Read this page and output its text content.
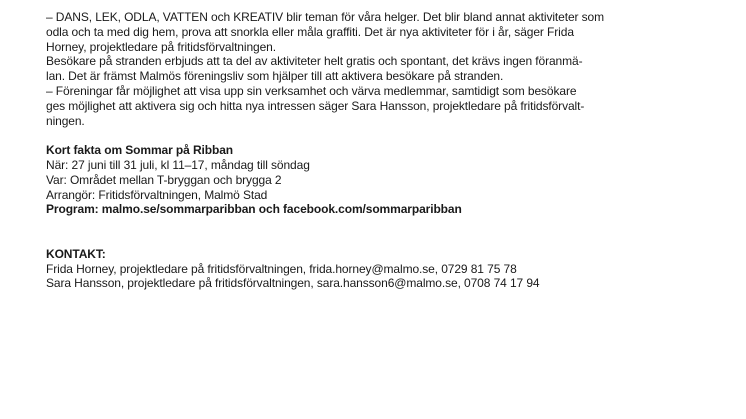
– DANS, LEK, ODLA, VATTEN och KREATIV blir teman för våra helger. Det blir bland annat aktiviteter som
odla och ta med dig hem, prova att snorkla eller måla graffiti. Det är nya aktiviteter för i år, säger Frida
Horney, projektledare på fritidsförvaltningen.
Besökare på stranden erbjuds att ta del av aktiviteter helt gratis och spontant, det krävs ingen föranmä-
lan. Det är främst Malmös föreningsliv som hjälper till att aktivera besökare på stranden.
– Föreningar får möjlighet att visa upp sin verksamhet och värva medlemmar, samtidigt som besökare
ges möjlighet att aktivera sig och hitta nya intressen säger Sara Hansson, projektledare på fritidsförvalt-
ningen.
Kort fakta om Sommar på Ribban
När: 27 juni till 31 juli, kl 11–17, måndag till söndag
Var: Området mellan T-bryggan och brygga 2
Arrangör: Fritidsförvaltningen, Malmö Stad
Program: malmo.se/sommarparibban och facebook.com/sommarparibban
KONTAKT:
Frida Horney, projektledare på fritidsförvaltningen, frida.horney@malmo.se, 0729 81 75 78
Sara Hansson, projektledare på fritidsförvaltningen, sara.hansson6@malmo.se, 0708 74 17 94
